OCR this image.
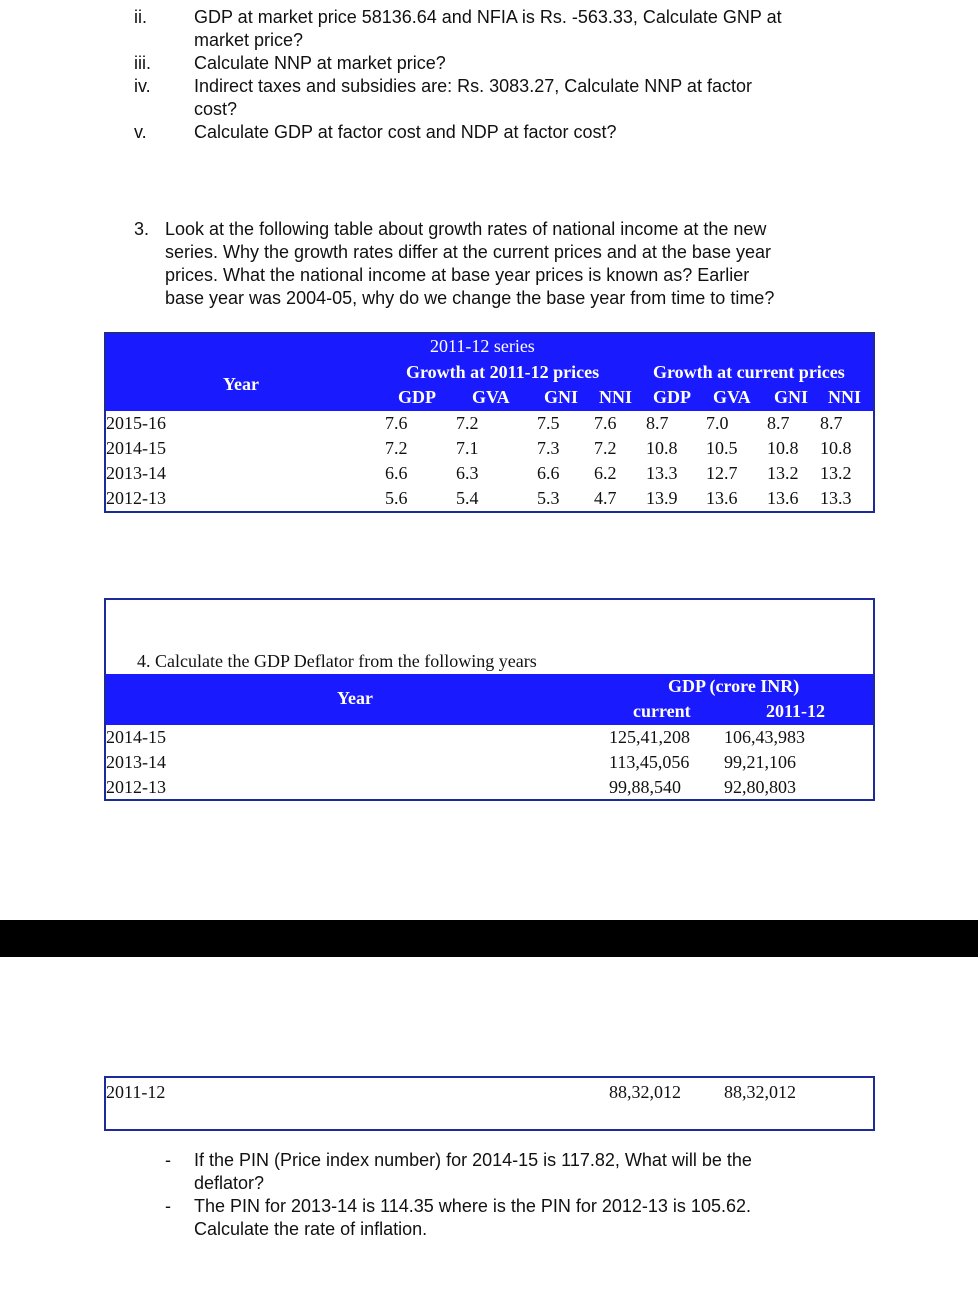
ii.	GDP at market price 58136.64 and NFIA is Rs. -563.33, Calculate GNP at
market price?
iii.	Calculate NNP at market price?
iv.	Indirect taxes and subsidies are: Rs. 3083.27, Calculate NNP at factor
cost?
v.	Calculate GDP at factor cost and NDP at factor cost?
3. Look at the following table about growth rates of national income at the new
series. Why the growth rates differ at the current prices and at the base year
prices. What the national income at base year prices is known as? Earlier
base year was 2004-05, why do we change the base year from time to time?
2011-12 series
Year
Growth at 2011-12 prices	Growth at current prices
GDP GVA GNI NNI GDP GVA GNI NNI
2015-16	7.6	7.2	7.5 7.6 8.7 7.0 8.7 8.7
2014-15	7.2	7.1	7.3 7.2 10.8 10.5 10.8 10.8
2013-14	6.6	6.3	6.6 6.2 13.3 12.7 13.2 13.2
2012-13	5.6	5.4	5.3 4.7 13.9 13.6 13.6 13.3
4. Calculate the GDP Deflator from the following years
Year
GDP (crore INR)
current	2011-12
2014-15	125,41,208 106,43,983
2013-14	113,45,056 99,21,106
2012-13	99,88,540 92,80,803
2011-12	88,32,012 88,32,012
- If the PIN (Price index number) for 2014-15 is 117.82, What will be the
deflator?
- The PIN for 2013-14 is 114.35 where is the PIN for 2012-13 is 105.62.
Calculate the rate of inflation.
